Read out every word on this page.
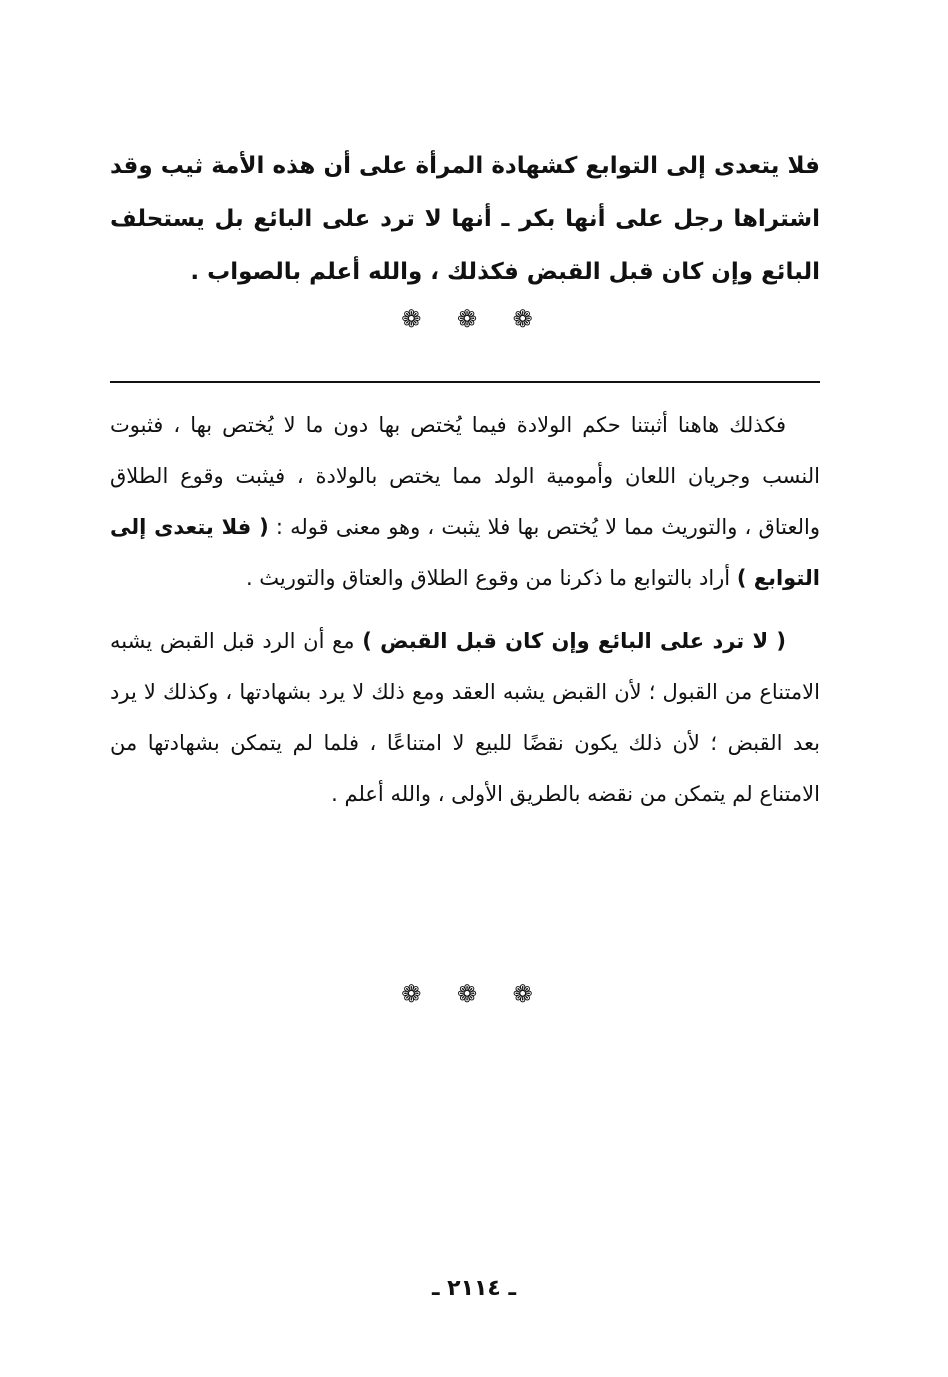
فلا يتعدى إلى التوابع كشهادة المرأة على أن هذه الأمة ثيب وقد اشتراها رجل على أنها بكر ـ أنها لا ترد على البائع بل يستحلف البائع وإن كان قبل القبض فكذلك ، والله أعلم بالصواب .
❁ ❁ ❁

فكذلك هاهنا أثبتنا حكم الولادة فيما يُختص بها دون ما لا يُختص بها ، فثبوت النسب وجريان اللعان وأمومية الولد مما يختص بالولادة ، فيثبت وقوع الطلاق والعتاق ، والتوريث مما لا يُختص بها فلا يثبت ، وهو معنى قوله : ( فلا يتعدى إلى التوابع ) أراد بالتوابع ما ذكرنا من وقوع الطلاق والعتاق والتوريث .

( لا ترد على البائع وإن كان قبل القبض ) مع أن الرد قبل القبض يشبه الامتناع من القبول ؛ لأن القبض يشبه العقد ومع ذلك لا يرد بشهادتها ، وكذلك لا يرد بعد القبض ؛ لأن ذلك يكون نقضًا للبيع لا امتناعًا ، فلما لم يتمكن بشهادتها من الامتناع لم يتمكن من نقضه بالطريق الأولى ، والله أعلم .

❁ ❁ ❁
ـ ٢١١٤ ـ
